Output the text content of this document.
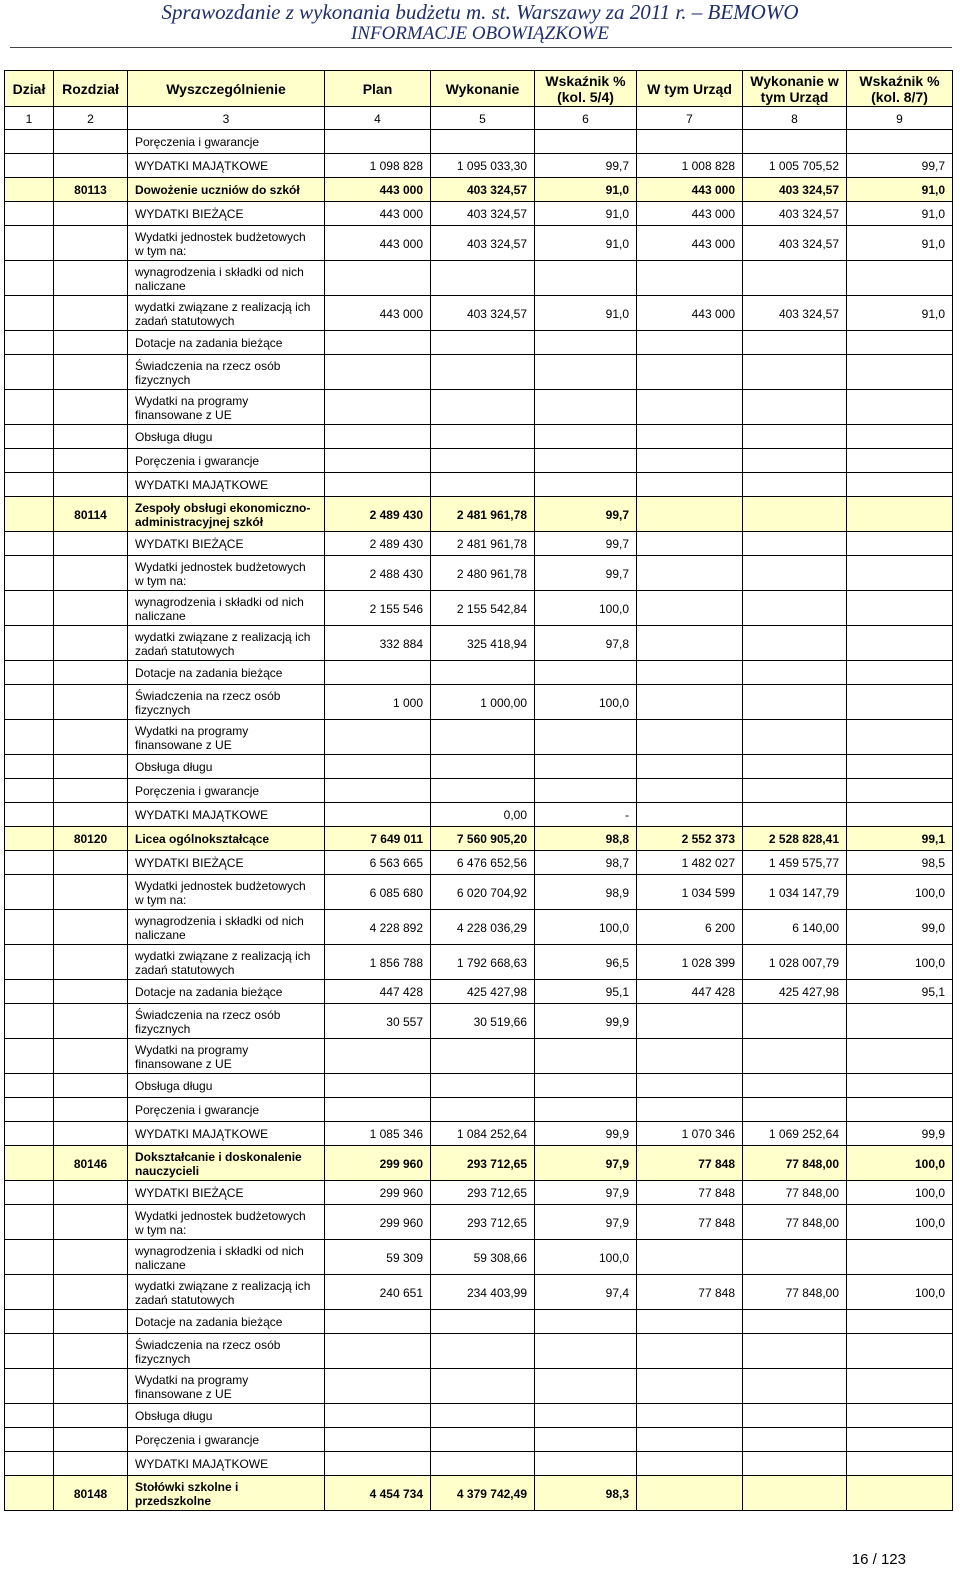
Sprawozdanie z wykonania budżetu m. st. Warszawy za 2011 r. – BEMOWO
INFORMACJE OBOWIĄZKOWE
Dział	Rozdział	Wyszczególnienie	Plan	Wykonanie	Wskaźnik % (kol. 5/4)	W tym Urząd	Wykonanie w tym Urząd	Wskaźnik % (kol. 8/7)
1	2	3	4	5	6	7	8	9
		Poręczenia i gwarancje						
		WYDATKI MAJĄTKOWE	1 098 828	1 095 033,30	99,7	1 008 828	1 005 705,52	99,7
	80113	Dowożenie uczniów do szkół	443 000	403 324,57	91,0	443 000	403 324,57	91,0
		WYDATKI BIEŻĄCE	443 000	403 324,57	91,0	443 000	403 324,57	91,0
		Wydatki jednostek budżetowych w tym na:	443 000	403 324,57	91,0	443 000	403 324,57	91,0
		wynagrodzenia i składki od nich naliczane						
		wydatki związane z realizacją ich zadań statutowych	443 000	403 324,57	91,0	443 000	403 324,57	91,0
		Dotacje na zadania bieżące						
		Świadczenia na rzecz osób fizycznych						
		Wydatki na programy finansowane z UE						
		Obsługa długu						
		Poręczenia i gwarancje						
		WYDATKI MAJĄTKOWE						
	80114	Zespoły obsługi ekonomiczno-administracyjnej szkół	2 489 430	2 481 961,78	99,7			
		WYDATKI BIEŻĄCE	2 489 430	2 481 961,78	99,7			
		Wydatki jednostek budżetowych w tym na:	2 488 430	2 480 961,78	99,7			
		wynagrodzenia i składki od nich naliczane	2 155 546	2 155 542,84	100,0			
		wydatki związane z realizacją ich zadań statutowych	332 884	325 418,94	97,8			
		Dotacje na zadania bieżące						
		Świadczenia na rzecz osób fizycznych	1 000	1 000,00	100,0			
		Wydatki na programy finansowane z UE						
		Obsługa długu						
		Poręczenia i gwarancje						
		WYDATKI MAJĄTKOWE		0,00	-			
	80120	Licea ogólnokształcące	7 649 011	7 560 905,20	98,8	2 552 373	2 528 828,41	99,1
		WYDATKI BIEŻĄCE	6 563 665	6 476 652,56	98,7	1 482 027	1 459 575,77	98,5
		Wydatki jednostek budżetowych w tym na:	6 085 680	6 020 704,92	98,9	1 034 599	1 034 147,79	100,0
		wynagrodzenia i składki od nich naliczane	4 228 892	4 228 036,29	100,0	6 200	6 140,00	99,0
		wydatki związane z realizacją ich zadań statutowych	1 856 788	1 792 668,63	96,5	1 028 399	1 028 007,79	100,0
		Dotacje na zadania bieżące	447 428	425 427,98	95,1	447 428	425 427,98	95,1
		Świadczenia na rzecz osób fizycznych	30 557	30 519,66	99,9			
		Wydatki na programy finansowane z UE						
		Obsługa długu						
		Poręczenia i gwarancje						
		WYDATKI MAJĄTKOWE	1 085 346	1 084 252,64	99,9	1 070 346	1 069 252,64	99,9
	80146	Dokształcanie i doskonalenie nauczycieli	299 960	293 712,65	97,9	77 848	77 848,00	100,0
		WYDATKI BIEŻĄCE	299 960	293 712,65	97,9	77 848	77 848,00	100,0
		Wydatki jednostek budżetowych w tym na:	299 960	293 712,65	97,9	77 848	77 848,00	100,0
		wynagrodzenia i składki od nich naliczane	59 309	59 308,66	100,0			
		wydatki związane z realizacją ich zadań statutowych	240 651	234 403,99	97,4	77 848	77 848,00	100,0
		Dotacje na zadania bieżące						
		Świadczenia na rzecz osób fizycznych						
		Wydatki na programy finansowane z UE						
		Obsługa długu						
		Poręczenia i gwarancje						
		WYDATKI MAJĄTKOWE						
	80148	Stołówki szkolne i przedszkolne	4 454 734	4 379 742,49	98,3			
16 / 123
